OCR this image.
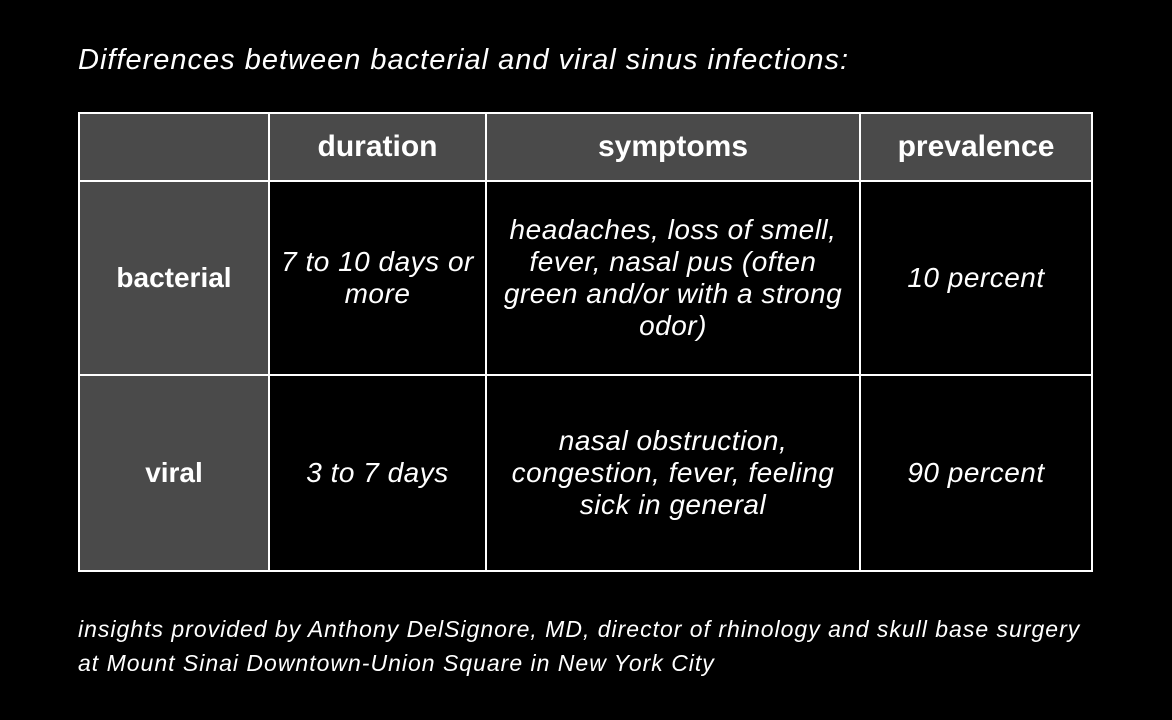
Differences between bacterial and viral sinus infections:
	duration	symptoms	prevalence
bacterial	7 to 10 days or more	headaches, loss of smell, fever, nasal pus (often green and/or with a strong odor)	10 percent
viral	3 to 7 days	nasal obstruction, congestion, fever, feeling sick in general	90 percent
insights provided by Anthony DelSignore, MD, director of rhinology and skull base surgery at Mount Sinai Downtown-Union Square in New York City
